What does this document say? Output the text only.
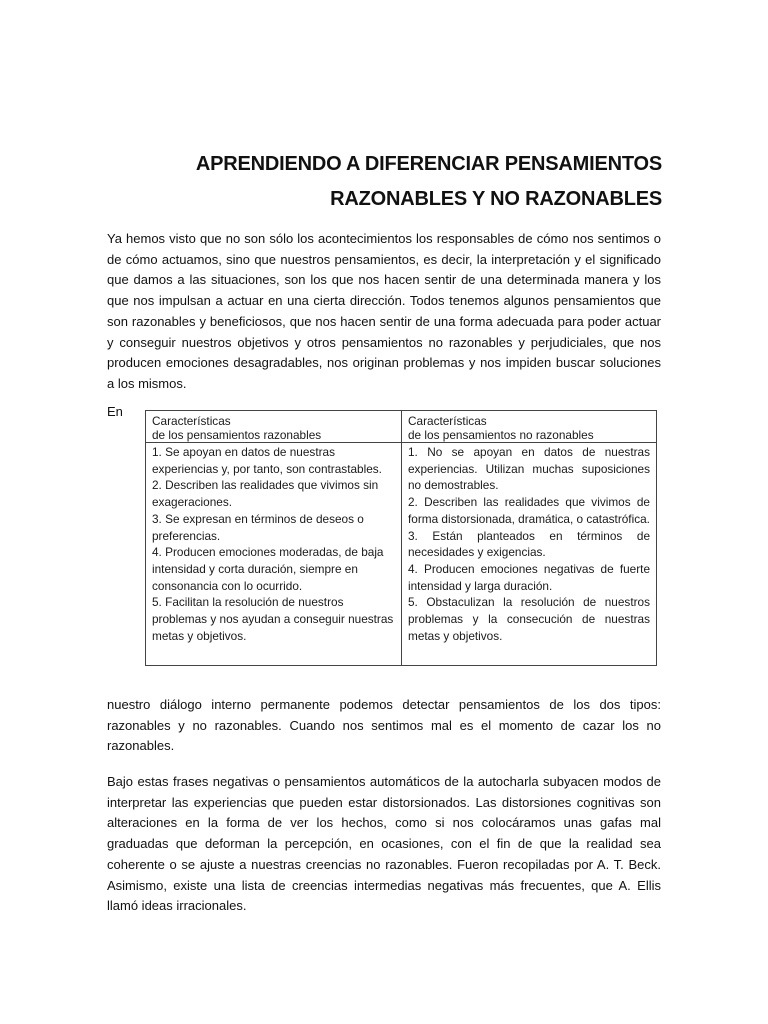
APRENDIENDO A DIFERENCIAR PENSAMIENTOS
RAZONABLES Y NO RAZONABLES
Ya hemos visto que no son sólo los acontecimientos los responsables de cómo nos sentimos o de cómo actuamos, sino que nuestros pensamientos, es decir, la interpretación y el significado que damos a las situaciones, son los que nos hacen sentir de una determinada manera y los que nos impulsan a actuar en una cierta dirección. Todos tenemos algunos pensamientos que son razonables y beneficiosos, que nos hacen sentir de una forma adecuada para poder actuar y conseguir nuestros objetivos y otros pensamientos no razonables y perjudiciales, que nos producen emociones desagradables, nos originan problemas y nos impiden buscar soluciones a los mismos.
En
Características
de los pensamientos razonables

1. Se apoyan en datos de nuestras experiencias y, por tanto, son contrastables.

2. Describen las realidades que vivimos sin exageraciones.

3. Se expresan en términos de deseos o preferencias.

4. Producen emociones moderadas, de baja intensidad y corta duración, siempre en consonancia con lo ocurrido.

5. Facilitan la resolución de nuestros problemas y nos ayudan a conseguir nuestras metas y objetivos.

Características
de los pensamientos no razonables

1. No se apoyan en datos de nuestras experiencias. Utilizan muchas suposiciones no demostrables.

2. Describen las realidades que vivimos de forma distorsionada, dramática, o catastrófica.

3. Están planteados en términos de necesidades y exigencias.

4. Producen emociones negativas de fuerte intensidad y larga duración.

5. Obstaculizan la resolución de nuestros problemas y la consecución de nuestras metas y objetivos.

nuestro diálogo interno permanente podemos detectar pensamientos de los dos tipos: razonables y no razonables. Cuando nos sentimos mal es el momento de cazar los no razonables.
Bajo estas frases negativas o pensamientos automáticos de la autocharla subyacen modos de interpretar las experiencias que pueden estar distorsionados. Las distorsiones cognitivas son alteraciones en la forma de ver los hechos, como si nos colocáramos unas gafas mal graduadas que deforman la percepción, en ocasiones, con el fin de que la realidad sea coherente o se ajuste a nuestras creencias no razonables. Fueron recopiladas por A. T. Beck. Asimismo, existe una lista de creencias intermedias negativas más frecuentes, que A. Ellis llamó ideas irracionales.
